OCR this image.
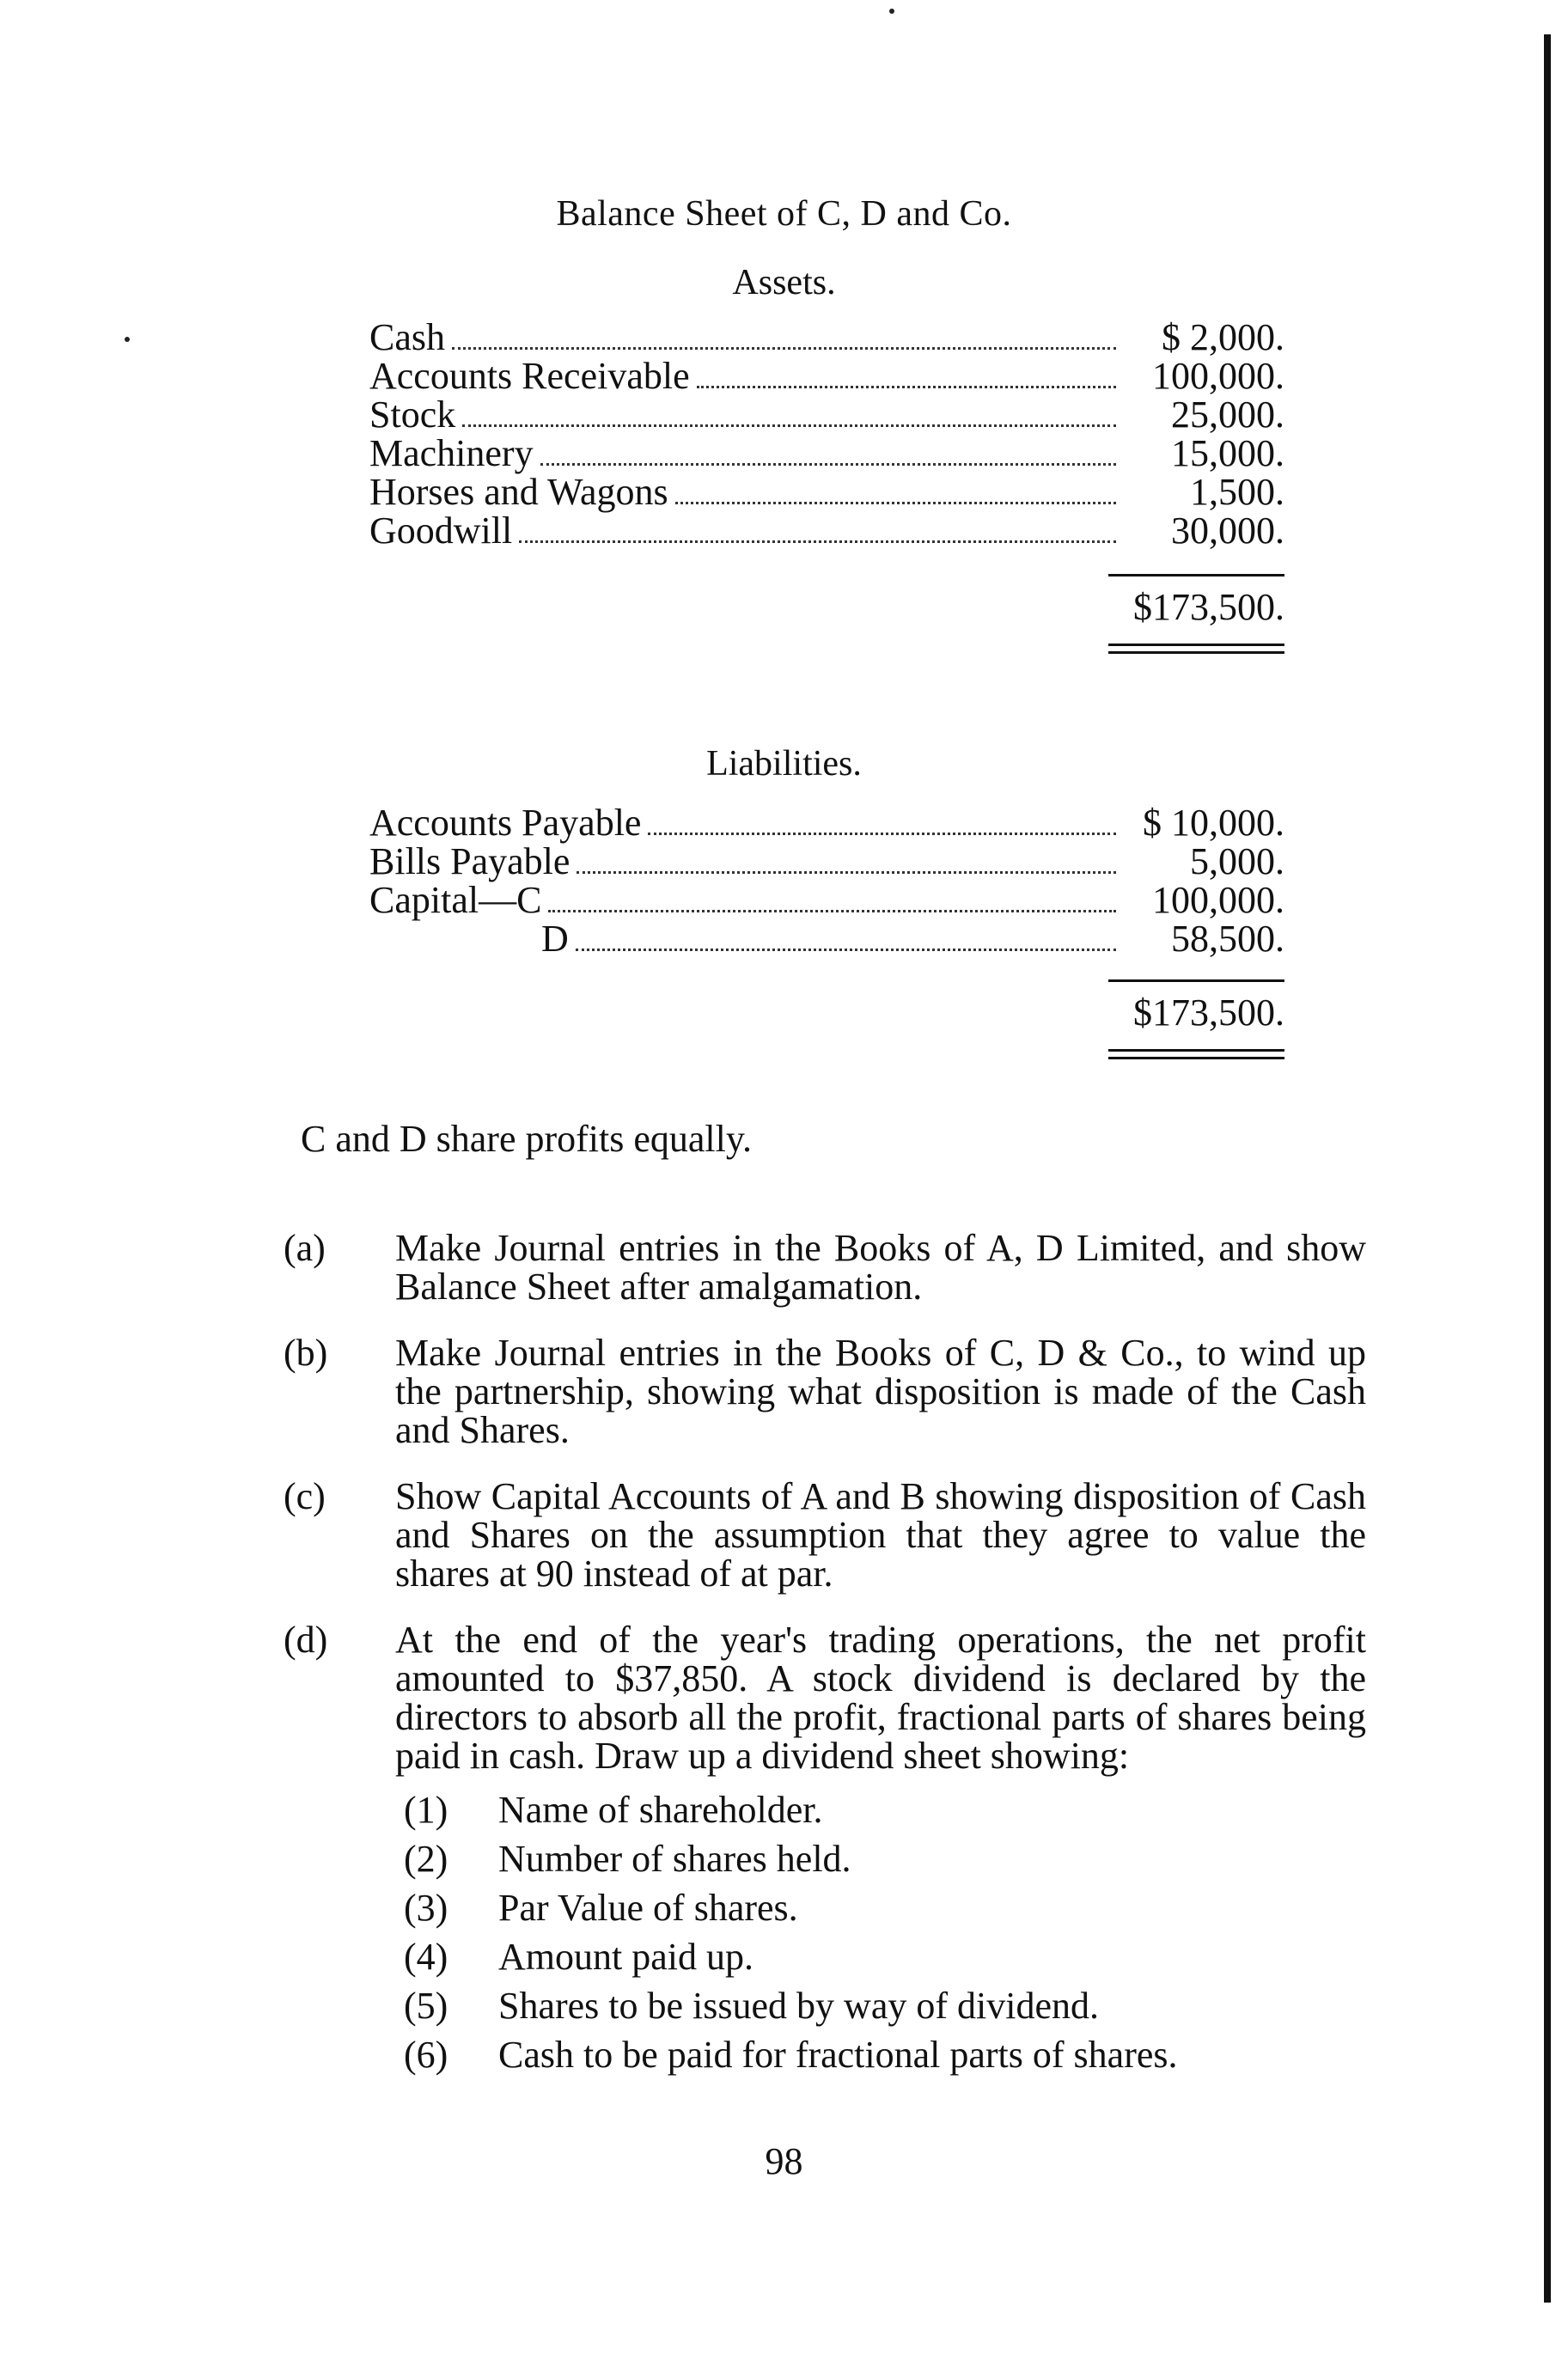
Balance Sheet of C, D and Co.
Assets.
Cash	$ 2,000.
Accounts Receivable	100,000.
Stock	25,000.
Machinery	15,000.
Horses and Wagons	1,500.
Goodwill	30,000.
$173,500.
Liabilities.
Accounts Payable	$ 10,000.
Bills Payable	5,000.
Capital—C	100,000.
D	58,500.
$173,500.
C and D share profits equally.
(a)	Make Journal entries in the Books of A, D Limited, and show Balance Sheet after amalgamation.
(b)	Make Journal entries in the Books of C, D & Co., to wind up the partnership, showing what disposition is made of the Cash and Shares.
(c)	Show Capital Accounts of A and B showing disposition of Cash and Shares on the assumption that they agree to value the shares at 90 instead of at par.
(d)	At the end of the year's trading operations, the net profit amounted to $37,850. A stock dividend is declared by the directors to absorb all the profit, fractional parts of shares being paid in cash. Draw up a dividend sheet showing:
(1)	Name of shareholder.
(2)	Number of shares held.
(3)	Par Value of shares.
(4)	Amount paid up.
(5)	Shares to be issued by way of dividend.
(6)	Cash to be paid for fractional parts of shares.
98
